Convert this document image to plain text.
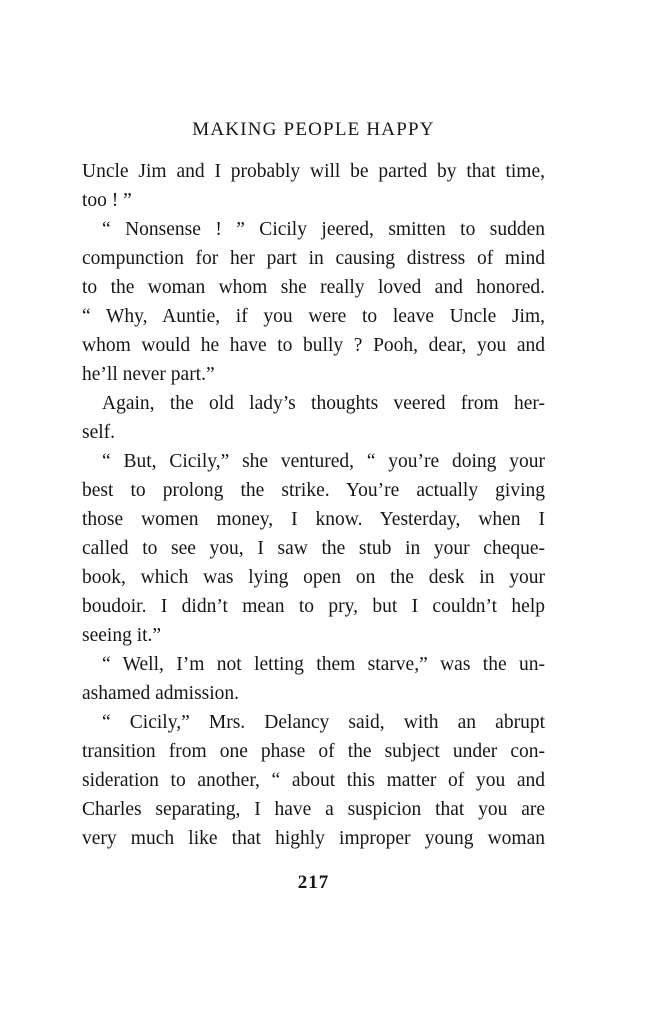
MAKING PEOPLE HAPPY
Uncle Jim and I probably will be parted by that time,
too ! ”
“ Nonsense ! ” Cicily jeered, smitten to sudden
compunction for her part in causing distress of mind
to the woman whom she really loved and honored.
“ Why, Auntie, if you were to leave Uncle Jim,
whom would he have to bully ? Pooh, dear, you and
he’ll never part.”
Again, the old lady’s thoughts veered from her-
self.
“ But, Cicily,” she ventured, “ you’re doing your
best to prolong the strike. You’re actually giving
those women money, I know. Yesterday, when I
called to see you, I saw the stub in your cheque-
book, which was lying open on the desk in your
boudoir. I didn’t mean to pry, but I couldn’t help
seeing it.”
“ Well, I’m not letting them starve,” was the un-
ashamed admission.
“ Cicily,” Mrs. Delancy said, with an abrupt
transition from one phase of the subject under con-
sideration to another, “ about this matter of you and
Charles separating, I have a suspicion that you are
very much like that highly improper young woman
217
